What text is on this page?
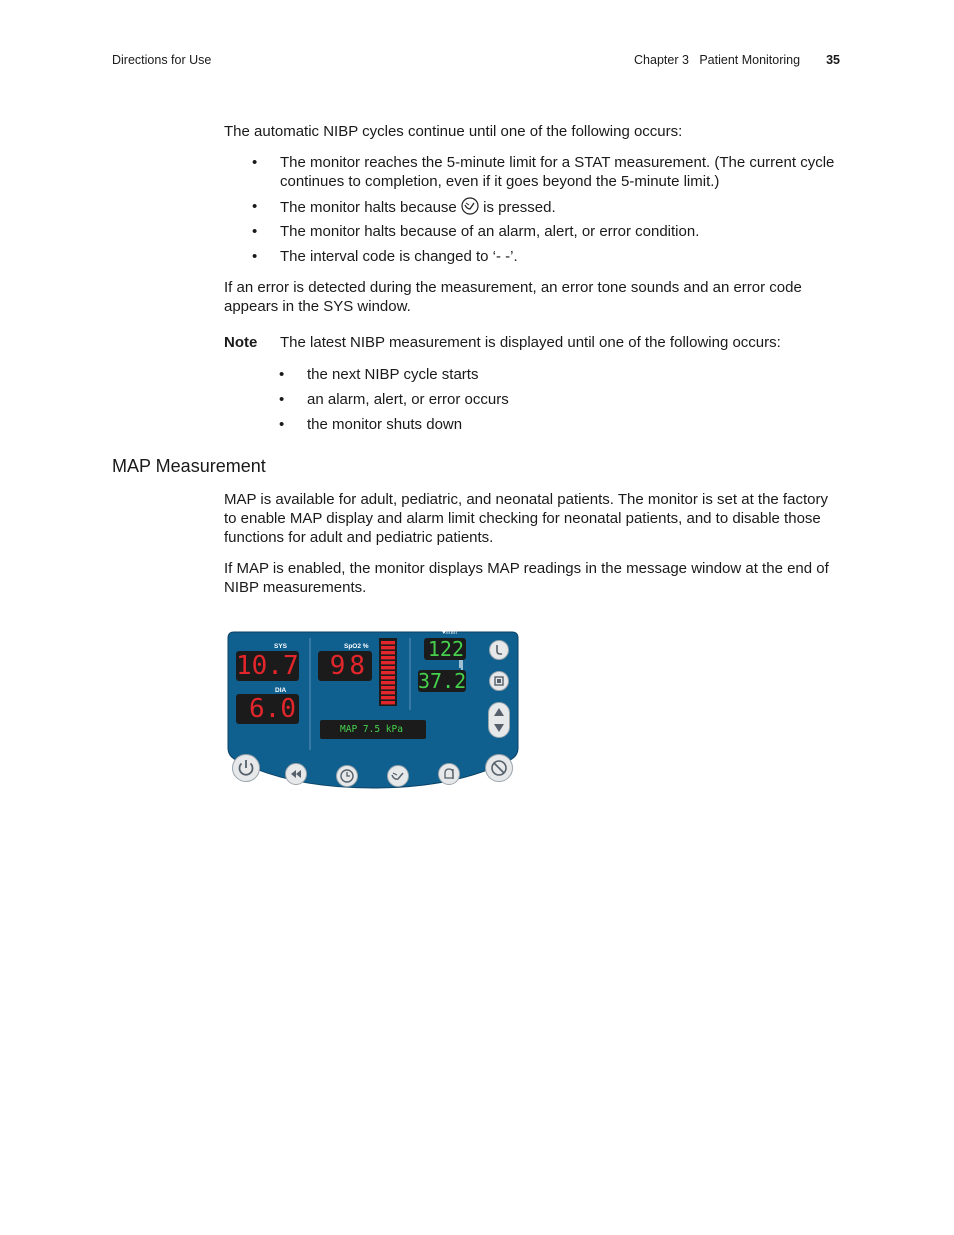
Directions for Use	Chapter 3   Patient Monitoring 35
The automatic NIBP cycles continue until one of the following occurs:
•	The monitor reaches the 5-minute limit for a STAT measurement. (The current cycle continues to completion, even if it goes beyond the 5-minute limit.)
•	The monitor halts because is pressed.
•	The monitor halts because of an alarm, alert, or error condition.
•	The interval code is changed to ‘- -’.
If an error is detected during the measurement, an error tone sounds and an error code appears in the SYS window.
Note The latest NIBP measurement is displayed until one of the following occurs:
•	the next NIBP cycle starts
•	an alarm, alert, or error occurs
•	the monitor shuts down
MAP Measurement
MAP is available for adult, pediatric, and neonatal patients. The monitor is set at the factory to enable MAP display and alarm limit checking for neonatal patients, and to disable those functions for adult and pediatric patients.
If MAP is enabled, the monitor displays MAP readings in the message window at the end of NIBP measurements.
SYS
10.7
DIA
6.0
SpO2 %
98
♥/min
122
37.2
MAP 7.5 kPa
